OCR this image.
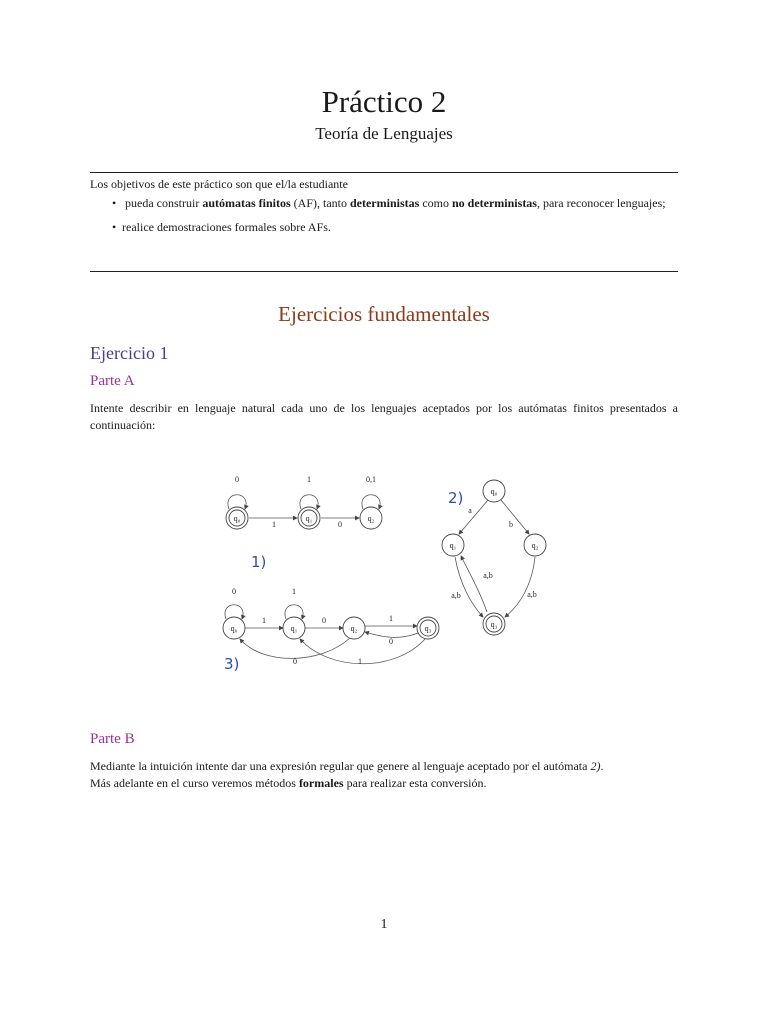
Práctico 2
Teoría de Lenguajes
Los objetivos de este práctico son que el/la estudiante
• pueda construir autómatas finitos (AF), tanto deterministas como no deterministas, para reconocer lenguajes;
• realice demostraciones formales sobre AFs.
Ejercicios fundamentales
Ejercicio 1
Parte A
Intente describir en lenguaje natural cada uno de los lenguajes aceptados por los autómatas finitos presentados a continuación:
q₀	q₁	q₂
0	1	0,1
1	0
1)
q₀
q₁	q₂
q₃
a
b
a,b
a,b	a,b
2)
q₀	q₁	q₂	q₃
0	1
1	0	1
0
0	1
3)
Parte B
Mediante la intuición intente dar una expresión regular que genere al lenguaje aceptado por el autómata 2).
Más adelante en el curso veremos métodos formales para realizar esta conversión.
1
